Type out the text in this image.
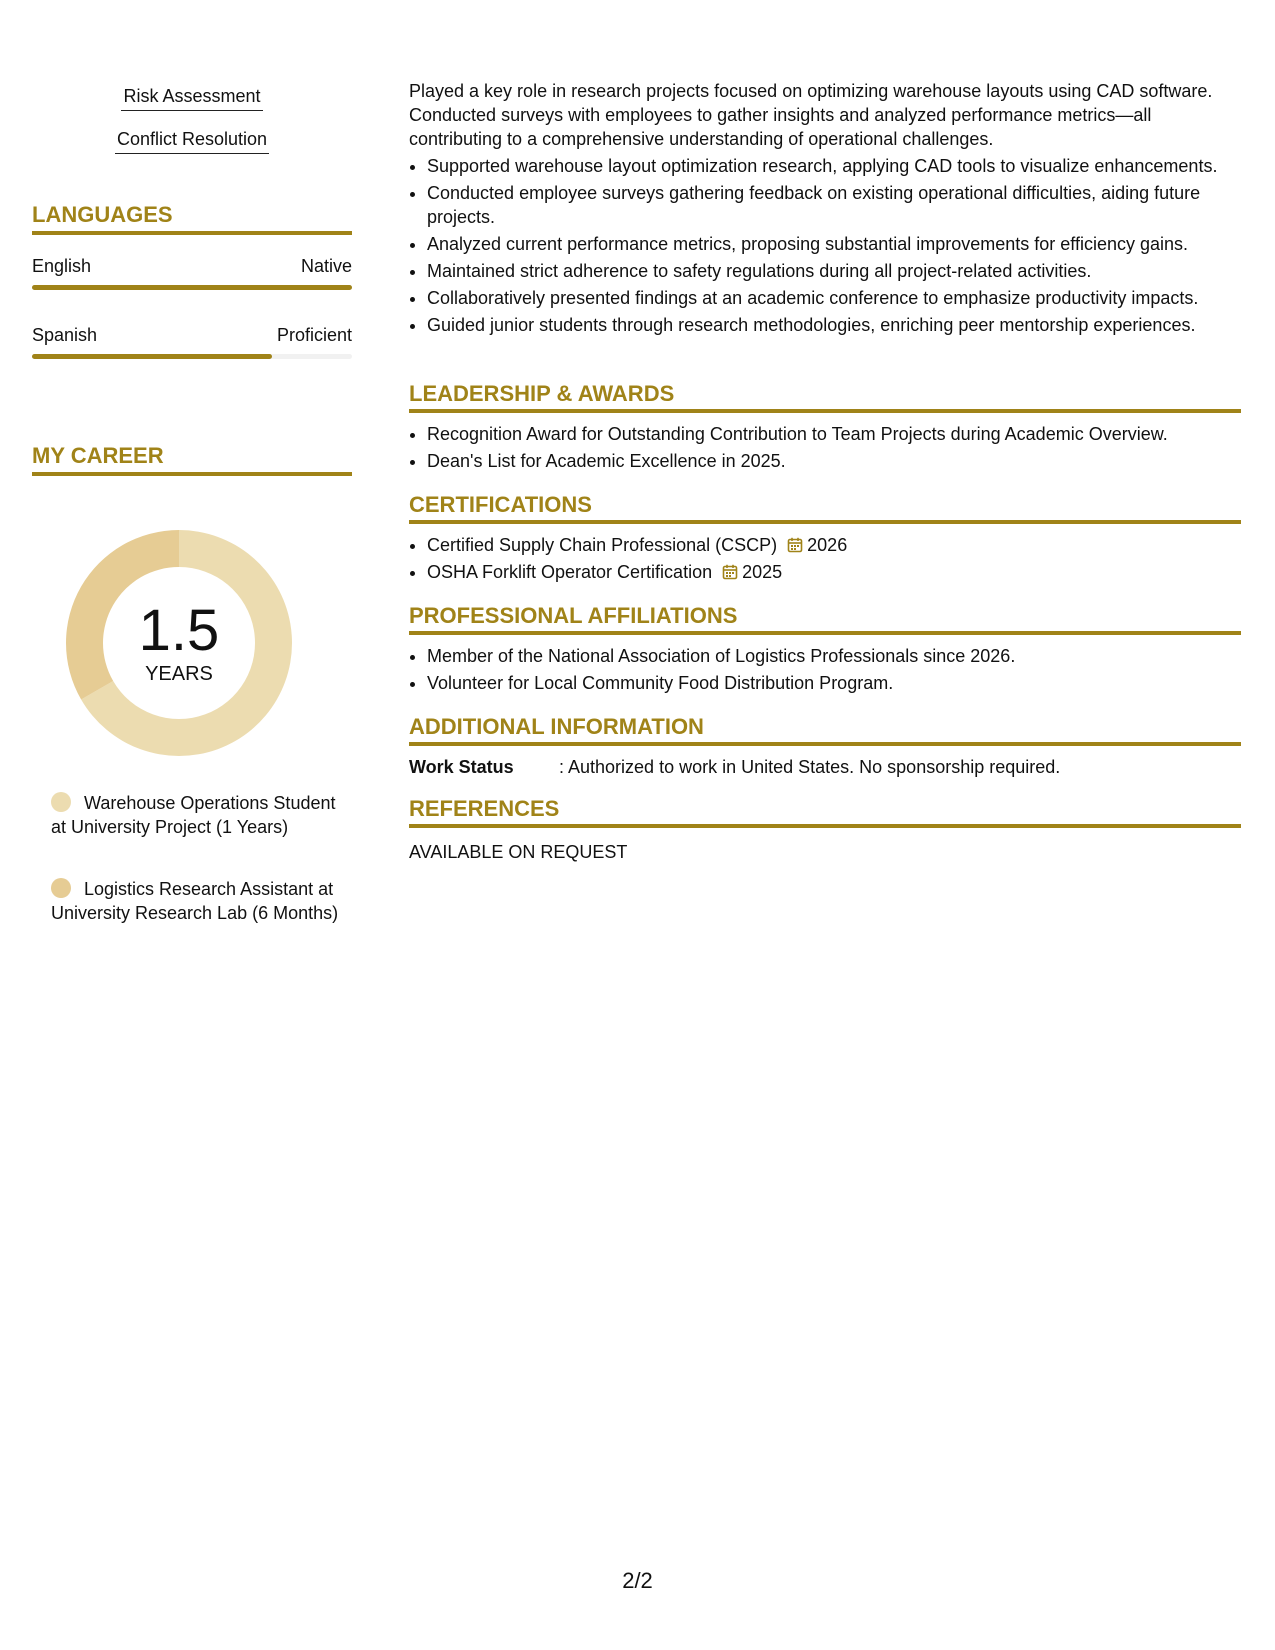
Risk Assessment
Conflict Resolution
LANGUAGES
English	Native
Spanish	Proficient
MY CAREER
1.5
YEARS
Warehouse Operations Student at University Project (1 Years)
Logistics Research Assistant at University Research Lab (6 Months)
Played a key role in research projects focused on optimizing warehouse layouts using CAD software. Conducted surveys with employees to gather insights and analyzed performance metrics—all contributing to a comprehensive understanding of operational challenges.
• Supported warehouse layout optimization research, applying CAD tools to visualize enhancements.
• Conducted employee surveys gathering feedback on existing operational difficulties, aiding future projects.
• Analyzed current performance metrics, proposing substantial improvements for efficiency gains.
• Maintained strict adherence to safety regulations during all project-related activities.
• Collaboratively presented findings at an academic conference to emphasize productivity impacts.
• Guided junior students through research methodologies, enriching peer mentorship experiences.
LEADERSHIP & AWARDS
• Recognition Award for Outstanding Contribution to Team Projects during Academic Overview.
• Dean's List for Academic Excellence in 2025.
CERTIFICATIONS
• Certified Supply Chain Professional (CSCP) 2026
• OSHA Forklift Operator Certification 2025
PROFESSIONAL AFFILIATIONS
• Member of the National Association of Logistics Professionals since 2026.
• Volunteer for Local Community Food Distribution Program.
ADDITIONAL INFORMATION
Work Status	: Authorized to work in United States. No sponsorship required.
REFERENCES
AVAILABLE ON REQUEST
2/2
